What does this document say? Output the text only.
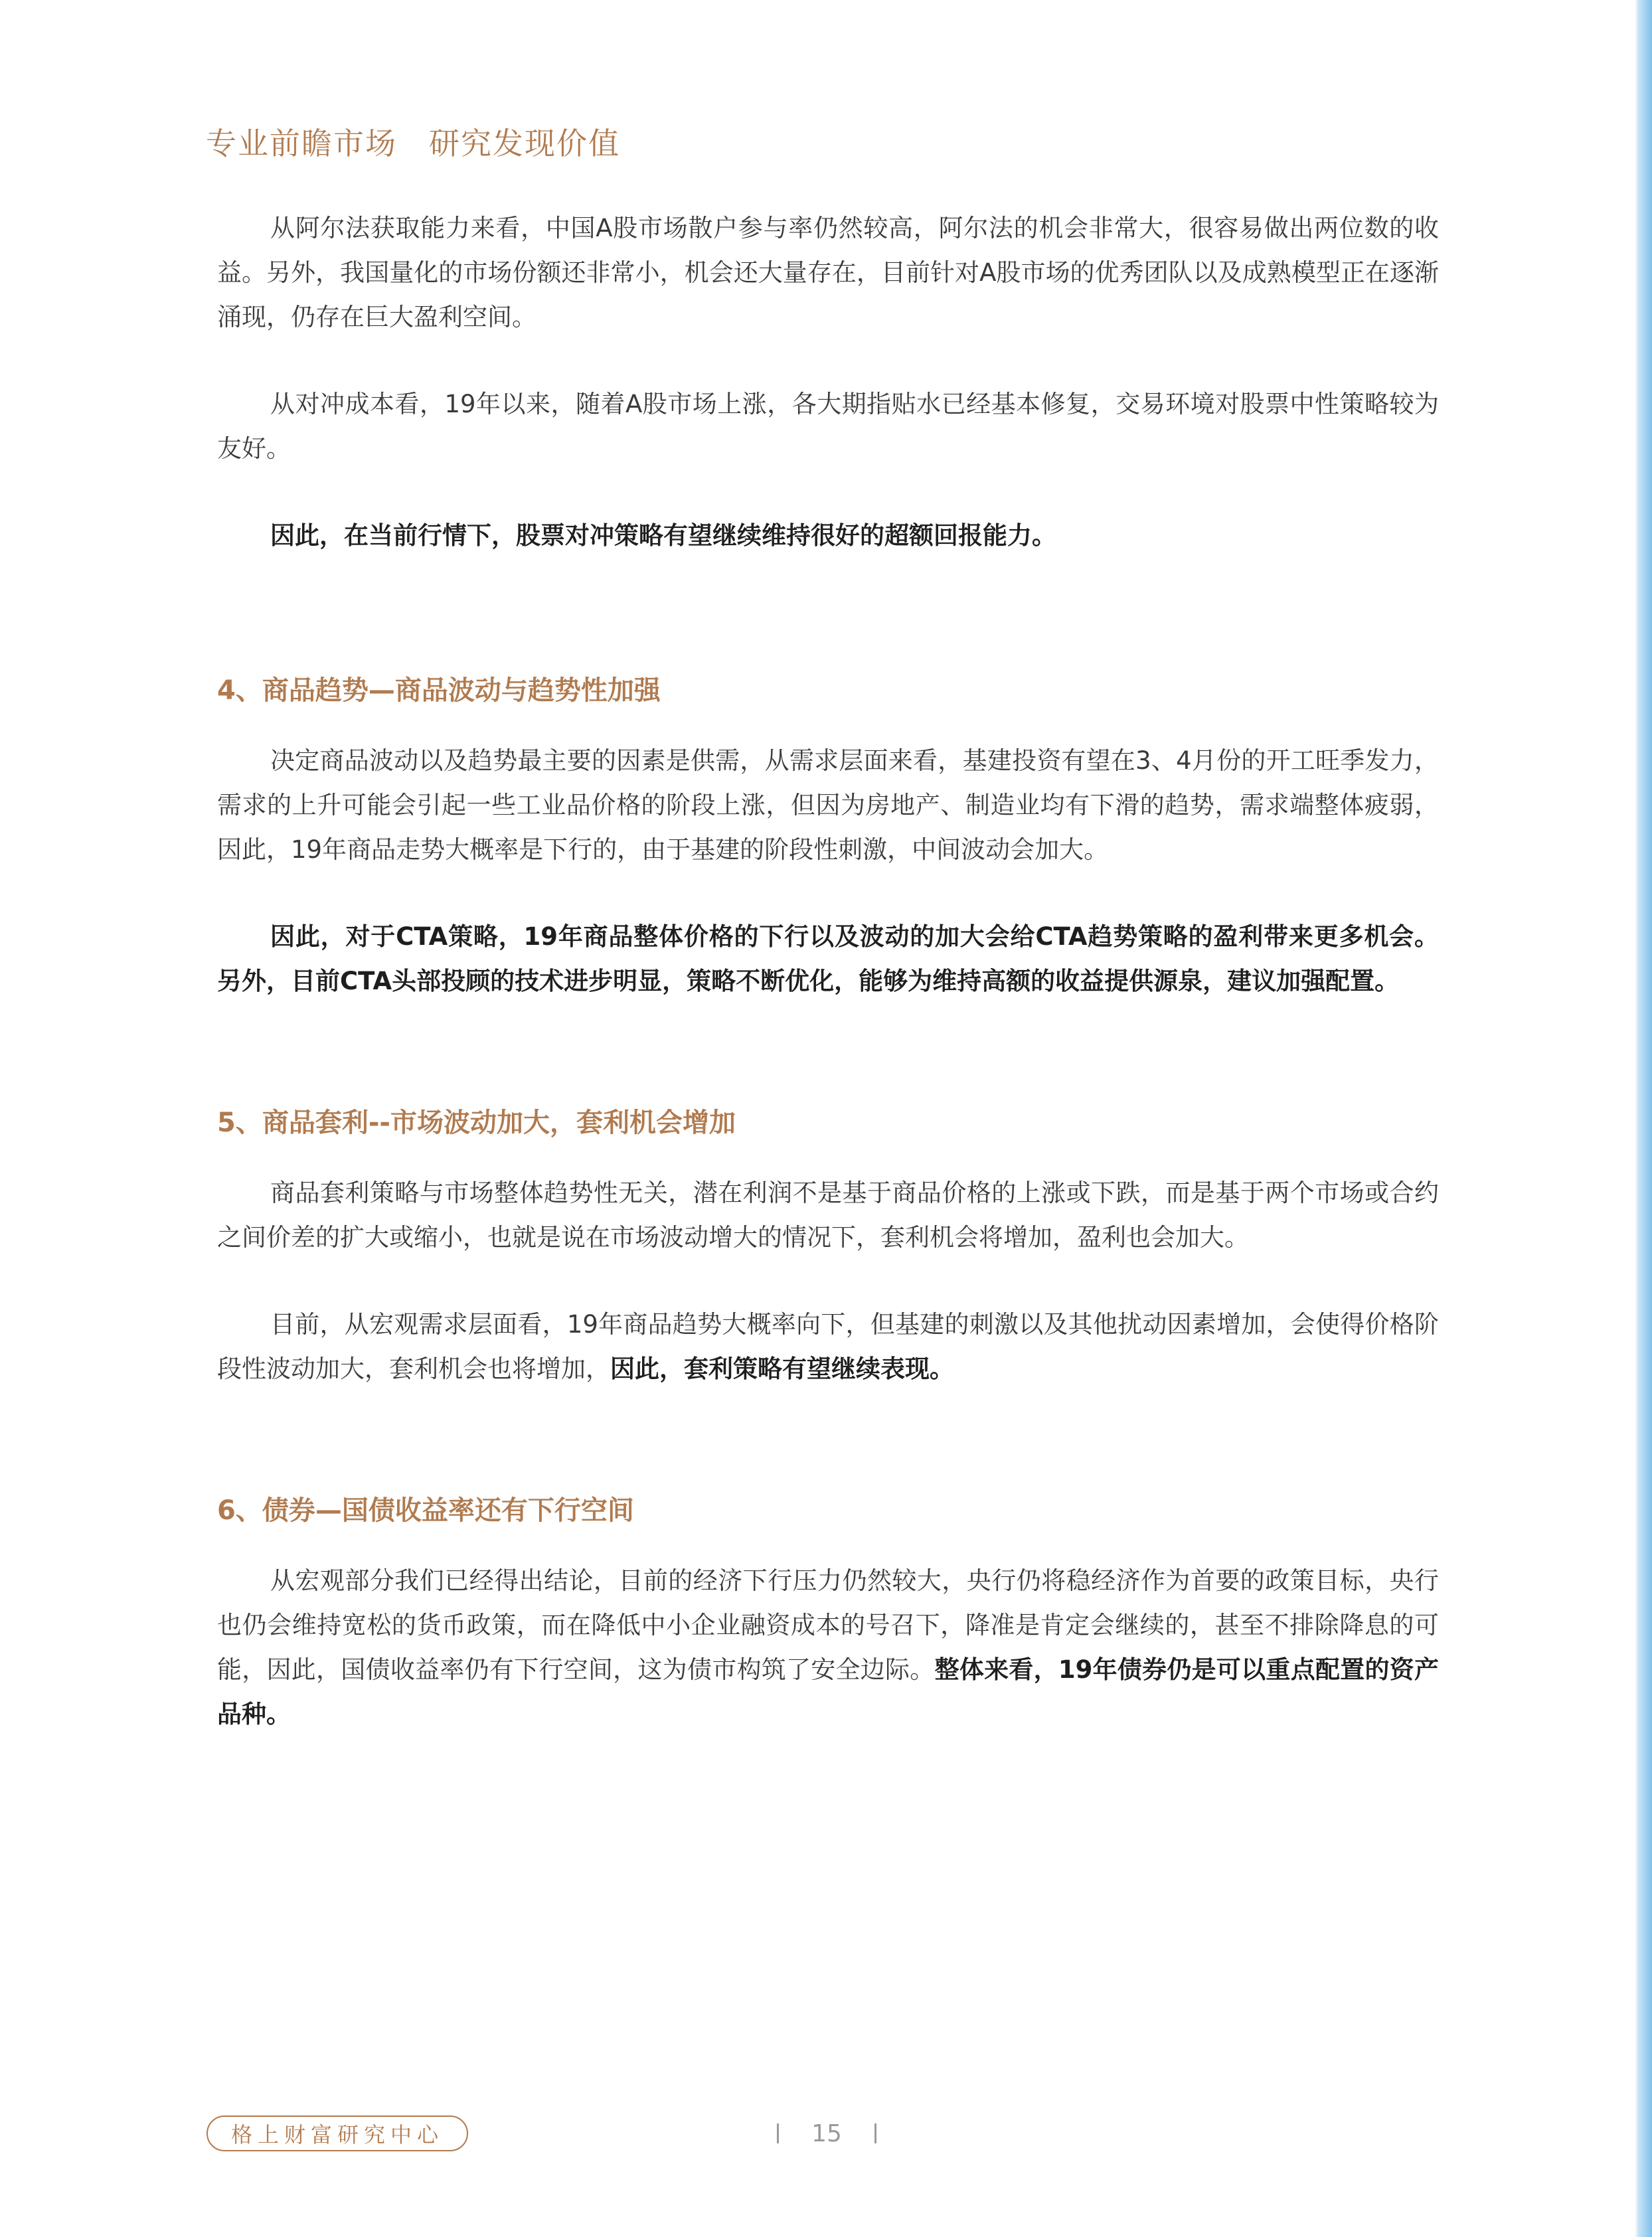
专业前瞻市场　研究发现价值

从阿尔法获取能力来看，中国A股市场散户参与率仍然较高，阿尔法的机会非常大，很容易做出两位数的收益。另外，我国量化的市场份额还非常小，机会还大量存在，目前针对A股市场的优秀团队以及成熟模型正在逐渐涌现，仍存在巨大盈利空间。

从对冲成本看，19年以来，随着A股市场上涨，各大期指贴水已经基本修复，交易环境对股票中性策略较为友好。

因此，在当前行情下，股票对冲策略有望继续维持很好的超额回报能力。

4、商品趋势—商品波动与趋势性加强

决定商品波动以及趋势最主要的因素是供需，从需求层面来看，基建投资有望在3、4月份的开工旺季发力，需求的上升可能会引起一些工业品价格的阶段上涨，但因为房地产、制造业均有下滑的趋势，需求端整体疲弱，因此，19年商品走势大概率是下行的，由于基建的阶段性刺激，中间波动会加大。

因此，对于CTA策略，19年商品整体价格的下行以及波动的加大会给CTA趋势策略的盈利带来更多机会。另外，目前CTA头部投顾的技术进步明显，策略不断优化，能够为维持高额的收益提供源泉，建议加强配置。

5、商品套利--市场波动加大，套利机会增加

商品套利策略与市场整体趋势性无关，潜在利润不是基于商品价格的上涨或下跌，而是基于两个市场或合约之间价差的扩大或缩小，也就是说在市场波动增大的情况下，套利机会将增加，盈利也会加大。

目前，从宏观需求层面看，19年商品趋势大概率向下，但基建的刺激以及其他扰动因素增加，会使得价格阶段性波动加大，套利机会也将增加，因此，套利策略有望继续表现。

6、债券—国债收益率还有下行空间

从宏观部分我们已经得出结论，目前的经济下行压力仍然较大，央行仍将稳经济作为首要的政策目标，央行也仍会维持宽松的货币政策，而在降低中小企业融资成本的号召下，降准是肯定会继续的，甚至不排除降息的可能，因此，国债收益率仍有下行空间，这为债市构筑了安全边际。整体来看，19年债券仍是可以重点配置的资产品种。

格上财富研究中心	15
